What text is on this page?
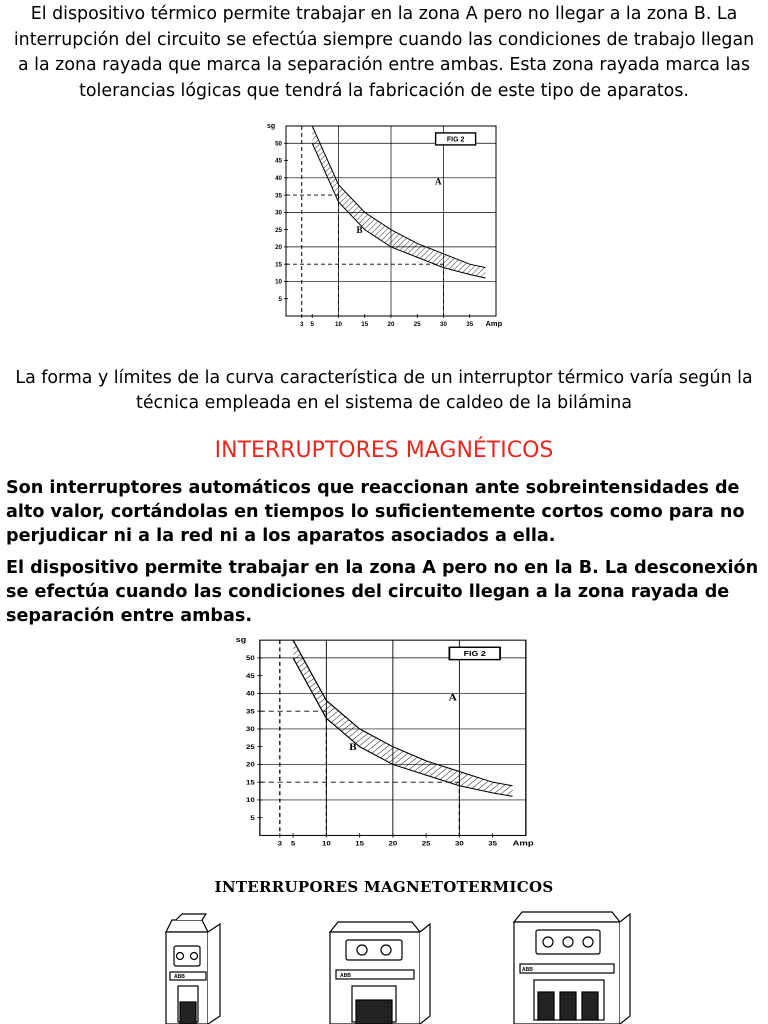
El dispositivo térmico permite trabajar en la zona A pero no llegar a la zona B. La interrupción del circuito se efectúa siempre cuando las condiciones de trabajo llegan a la zona rayada que marca la separación entre ambas. Esta zona rayada marca las tolerancias lógicas que tendrá la fabricación de este tipo de aparatos.

5
10
15
20
25
30
35
40
45
50
sg
3 5	10	15	20	25	30	35 Amp
FIG 2
A
B

La forma y límites de la curva característica de un interruptor térmico varía según la técnica empleada en el sistema de caldeo de la bilámina

INTERRUPTORES MAGNÉTICOS

Son interruptores automáticos que reaccionan ante sobreintensidades de alto valor, cortándolas en tiempos lo suficientemente cortos como para no perjudicar ni a la red ni a los aparatos asociados a ella.

El dispositivo permite trabajar en la zona A pero no en la B. La desconexión se efectúa cuando las condiciones del circuito llegan a la zona rayada de separación entre ambas.

5
10
15
20
25
30
35
40
45
50
sg
3 5	10	15	20	25	30	35 Amp
FIG 2
A
B
INTERRUPORES MAGNETOTERMICOS
ABB	ABB
ABB
